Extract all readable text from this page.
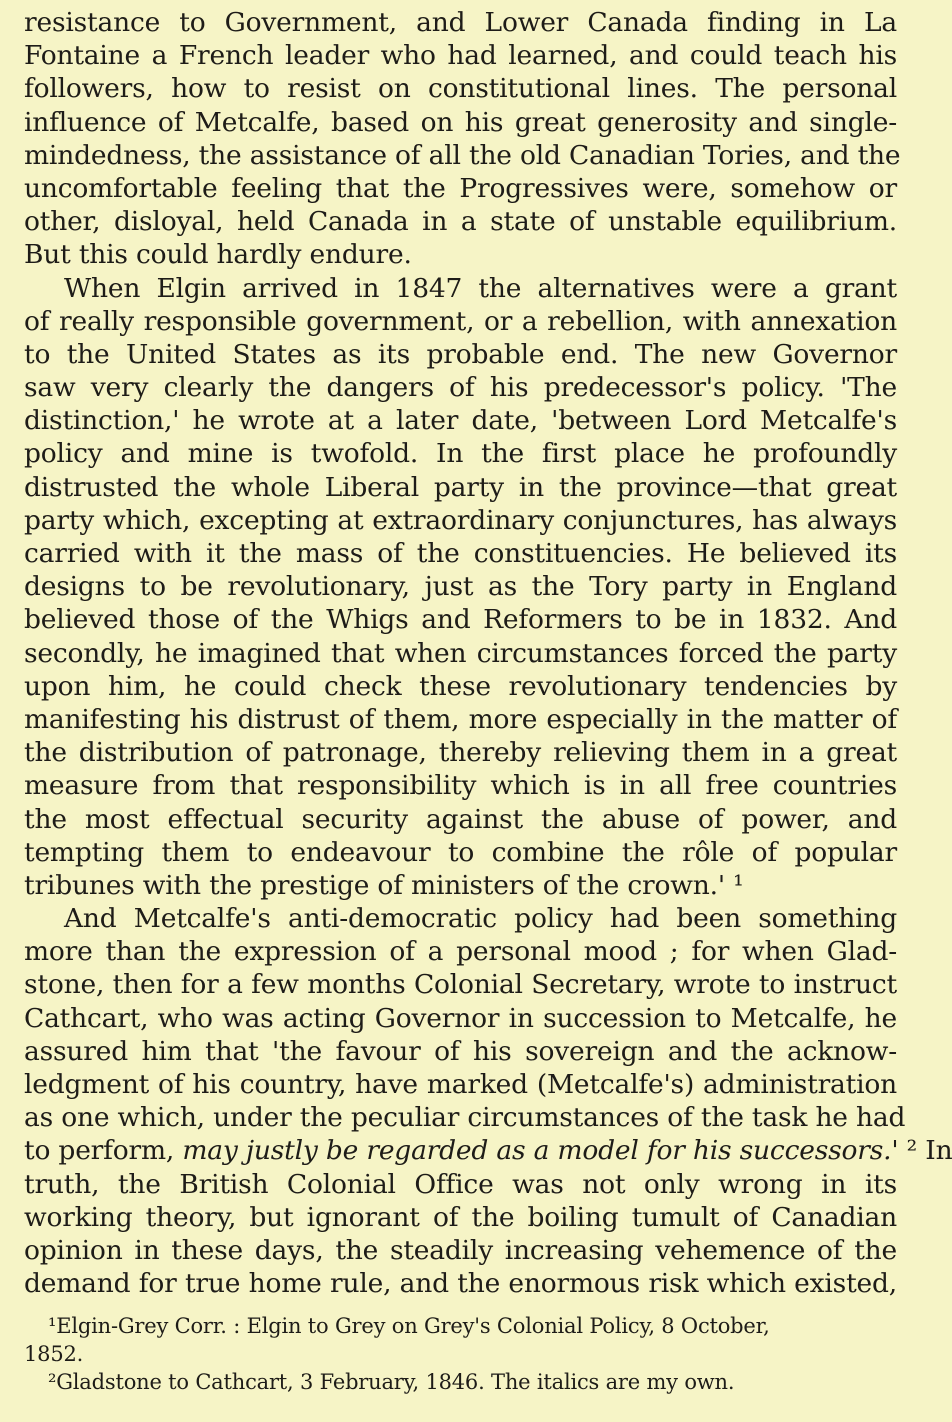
resistance to Government, and Lower Canada finding in La
Fontaine a French leader who had learned, and could teach his
followers, how to resist on constitutional lines. The personal
influence of Metcalfe, based on his great generosity and single-
mindedness, the assistance of all the old Canadian Tories, and the
uncomfortable feeling that the Progressives were, somehow or
other, disloyal, held Canada in a state of unstable equilibrium.
But this could hardly endure.
When Elgin arrived in 1847 the alternatives were a grant
of really responsible government, or a rebellion, with annexation
to the United States as its probable end. The new Governor
saw very clearly the dangers of his predecessor's policy. 'The
distinction,' he wrote at a later date, 'between Lord Metcalfe's
policy and mine is twofold. In the first place he profoundly
distrusted the whole Liberal party in the province—that great
party which, excepting at extraordinary conjunctures, has always
carried with it the mass of the constituencies. He believed its
designs to be revolutionary, just as the Tory party in England
believed those of the Whigs and Reformers to be in 1832. And
secondly, he imagined that when circumstances forced the party
upon him, he could check these revolutionary tendencies by
manifesting his distrust of them, more especially in the matter of
the distribution of patronage, thereby relieving them in a great
measure from that responsibility which is in all free countries
the most effectual security against the abuse of power, and
tempting them to endeavour to combine the rôle of popular
tribunes with the prestige of ministers of the crown.' ¹
And Metcalfe's anti-democratic policy had been something
more than the expression of a personal mood ; for when Glad-
stone, then for a few months Colonial Secretary, wrote to instruct
Cathcart, who was acting Governor in succession to Metcalfe, he
assured him that 'the favour of his sovereign and the acknow-
ledgment of his country, have marked (Metcalfe's) administration
as one which, under the peculiar circumstances of the task he had
to perform, may justly be regarded as a model for his successors.' ² In
truth, the British Colonial Office was not only wrong in its
working theory, but ignorant of the boiling tumult of Canadian
opinion in these days, the steadily increasing vehemence of the
demand for true home rule, and the enormous risk which existed,
¹Elgin-Grey Corr. : Elgin to Grey on Grey's Colonial Policy, 8 October,
1852.
²Gladstone to Cathcart, 3 February, 1846. The italics are my own.
